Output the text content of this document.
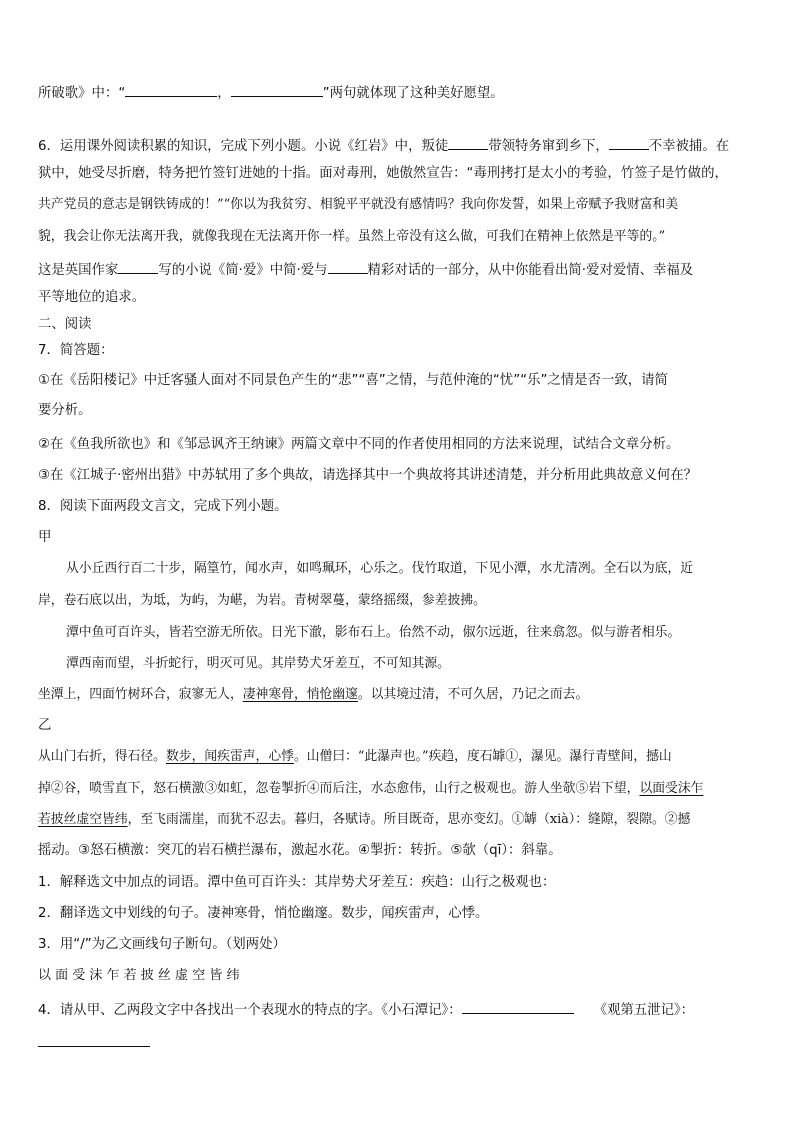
所破歌》中：“	，	”两句就体现了这种美好愿望。
6．运用课外阅读积累的知识，完成下列小题。小说《红岩》中，叛徒	带领特务窜到乡下，	不幸被捕。在
狱中，她受尽折磨，特务把竹签钉进她的十指。面对毒刑，她傲然宣告：“毒刑拷打是太小的考验，竹签子是竹做的，
共产党员的意志是钢铁铸成的！”“你以为我贫穷、相貌平平就没有感情吗？我向你发誓，如果上帝赋予我财富和美
貌，我会让你无法离开我，就像我现在无法离开你一样。虽然上帝没有这么做，可我们在精神上依然是平等的。”
这是英国作家	写的小说《简·爱》中简·爱与	精彩对话的一部分，从中你能看出简·爱对爱情、幸福及
平等地位的追求。
二、阅读
7．简答题：
①在《岳阳楼记》中迁客骚人面对不同景色产生的“悲”“喜”之情，与范仲淹的“忧”“乐”之情是否一致，请简
要分析。
②在《鱼我所欲也》和《邹忌讽齐王纳谏》两篇文章中不同的作者使用相同的方法来说理，试结合文章分析。
③在《江城子·密州出猎》中苏轼用了多个典故，请选择其中一个典故将其讲述清楚，并分析用此典故意义何在？
8．阅读下面两段文言文，完成下列小题。
甲
从小丘西行百二十步，隔篁竹，闻水声，如鸣珮环，心乐之。伐竹取道，下见小潭，水尤清冽。全石以为底，近
岸，卷石底以出，为坻，为屿，为嵁，为岩。青树翠蔓，蒙络摇缀，参差披拂。
潭中鱼可百许头，皆若空游无所依。日光下澈，影布石上。佁然不动，俶尔远逝，往来翕忽。似与游者相乐。
潭西南而望，斗折蛇行，明灭可见。其岸势犬牙差互，不可知其源。
坐潭上，四面竹树环合，寂寥无人，凄神寒骨，悄怆幽邃。以其境过清，不可久居，乃记之而去。
乙
从山门右折，得石径。数步，闻疾雷声，心悸。山僧曰：“此瀑声也。”疾趋，度石罅①，瀑见。瀑行青壁间，撼山
掉②谷，喷雪直下，怒石横激③如虹，忽卷掣折④而后注，水态愈伟，山行之极观也。游人坐欹⑤岩下望，以面受沫乍
若披丝虚空皆纬，至飞雨濡崖，而犹不忍去。暮归，各赋诗。所目既奇，思亦变幻。①罅（xià）：缝隙，裂隙。②撼
摇动。③怒石横激：突兀的岩石横拦瀑布，激起水花。④掣折：转折。⑤欹（qī）：斜靠。
1．解释选文中加点的词语。潭中鱼可百许头：其岸势犬牙差互：疾趋：山行之极观也：
2．翻译选文中划线的句子。凄神寒骨，悄怆幽邃。数步，闻疾雷声，心悸。
3．用“/”为乙文画线句子断句。（划两处）
以 面 受 沫 乍 若 披 丝 虚 空 皆 纬
4．请从甲、乙两段文字中各找出一个表现水的特点的字。《小石潭记》：	《观第五泄记》：
